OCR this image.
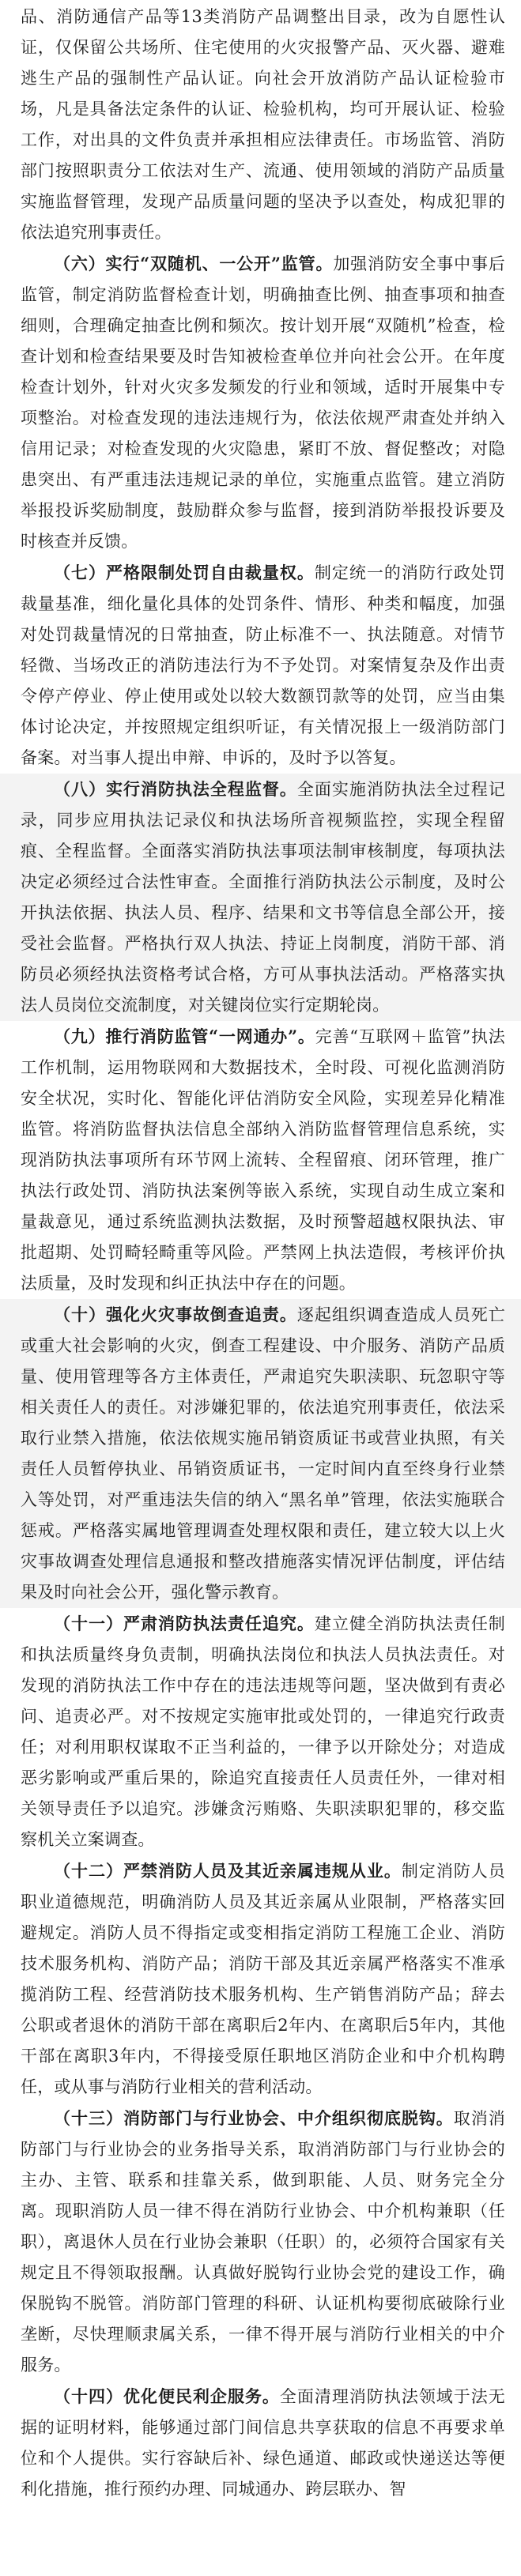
品、消防通信产品等13类消防产品调整出目录，改为自愿性认证，仅保留公共场所、住宅使用的火灾报警产品、灭火器、避难逃生产品的强制性产品认证。向社会开放消防产品认证检验市场，凡是具备法定条件的认证、检验机构，均可开展认证、检验工作，对出具的文件负责并承担相应法律责任。市场监管、消防部门按照职责分工依法对生产、流通、使用领域的消防产品质量实施监督管理，发现产品质量问题的坚决予以查处，构成犯罪的依法追究刑事责任。

（六）实行“双随机、一公开”监管。加强消防安全事中事后监管，制定消防监督检查计划，明确抽查比例、抽查事项和抽查细则，合理确定抽查比例和频次。按计划开展“双随机”检查，检查计划和检查结果要及时告知被检查单位并向社会公开。在年度检查计划外，针对火灾多发频发的行业和领域，适时开展集中专项整治。对检查发现的违法违规行为，依法依规严肃查处并纳入信用记录；对检查发现的火灾隐患，紧盯不放、督促整改；对隐患突出、有严重违法违规记录的单位，实施重点监管。建立消防举报投诉奖励制度，鼓励群众参与监督，接到消防举报投诉要及时核查并反馈。

（七）严格限制处罚自由裁量权。制定统一的消防行政处罚裁量基准，细化量化具体的处罚条件、情形、种类和幅度，加强对处罚裁量情况的日常抽查，防止标准不一、执法随意。对情节轻微、当场改正的消防违法行为不予处罚。对案情复杂及作出责令停产停业、停止使用或处以较大数额罚款等的处罚，应当由集体讨论决定，并按照规定组织听证，有关情况报上一级消防部门备案。对当事人提出申辩、申诉的，及时予以答复。

（八）实行消防执法全程监督。全面实施消防执法全过程记录，同步应用执法记录仪和执法场所音视频监控，实现全程留痕、全程监督。全面落实消防执法事项法制审核制度，每项执法决定必须经过合法性审查。全面推行消防执法公示制度，及时公开执法依据、执法人员、程序、结果和文书等信息全部公开，接受社会监督。严格执行双人执法、持证上岗制度，消防干部、消防员必须经执法资格考试合格，方可从事执法活动。严格落实执法人员岗位交流制度，对关键岗位实行定期轮岗。

（九）推行消防监管“一网通办”。完善“互联网＋监管”执法工作机制，运用物联网和大数据技术，全时段、可视化监测消防安全状况，实时化、智能化评估消防安全风险，实现差异化精准监管。将消防监督执法信息全部纳入消防监督管理信息系统，实现消防执法事项所有环节网上流转、全程留痕、闭环管理，推广执法行政处罚、消防执法案例等嵌入系统，实现自动生成立案和量裁意见，通过系统监测执法数据，及时预警超越权限执法、审批超期、处罚畸轻畸重等风险。严禁网上执法造假，考核评价执法质量，及时发现和纠正执法中存在的问题。

（十）强化火灾事故倒查追责。逐起组织调查造成人员死亡或重大社会影响的火灾，倒查工程建设、中介服务、消防产品质量、使用管理等各方主体责任，严肃追究失职渎职、玩忽职守等相关责任人的责任。对涉嫌犯罪的，依法追究刑事责任，依法采取行业禁入措施，依法依规实施吊销资质证书或营业执照，有关责任人员暂停执业、吊销资质证书，一定时间内直至终身行业禁入等处罚，对严重违法失信的纳入“黑名单”管理，依法实施联合惩戒。严格落实属地管理调查处理权限和责任，建立较大以上火灾事故调查处理信息通报和整改措施落实情况评估制度，评估结果及时向社会公开，强化警示教育。

（十一）严肃消防执法责任追究。建立健全消防执法责任制和执法质量终身负责制，明确执法岗位和执法人员执法责任。对发现的消防执法工作中存在的违法违规等问题，坚决做到有责必问、追责必严。对不按规定实施审批或处罚的，一律追究行政责任；对利用职权谋取不正当利益的，一律予以开除处分；对造成恶劣影响或严重后果的，除追究直接责任人员责任外，一律对相关领导责任予以追究。涉嫌贪污贿赂、失职渎职犯罪的，移交监察机关立案调查。

（十二）严禁消防人员及其近亲属违规从业。制定消防人员职业道德规范，明确消防人员及其近亲属从业限制，严格落实回避规定。消防人员不得指定或变相指定消防工程施工企业、消防技术服务机构、消防产品；消防干部及其近亲属严格落实不准承揽消防工程、经营消防技术服务机构、生产销售消防产品；辞去公职或者退休的消防干部在离职后2年内、在离职后5年内，其他干部在离职3年内，不得接受原任职地区消防企业和中介机构聘任，或从事与消防行业相关的营利活动。

（十三）消防部门与行业协会、中介组织彻底脱钩。取消消防部门与行业协会的业务指导关系，取消消防部门与行业协会的主办、主管、联系和挂靠关系，做到职能、人员、财务完全分离。现职消防人员一律不得在消防行业协会、中介机构兼职（任职），离退休人员在行业协会兼职（任职）的，必须符合国家有关规定且不得领取报酬。认真做好脱钩行业协会党的建设工作，确保脱钩不脱管。消防部门管理的科研、认证机构要彻底破除行业垄断，尽快理顺隶属关系，一律不得开展与消防行业相关的中介服务。

（十四）优化便民利企服务。全面清理消防执法领域于法无据的证明材料，能够通过部门间信息共享获取的信息不再要求单位和个人提供。实行容缺后补、绿色通道、邮政或快递送达等便利化措施，推行预约办理、同城通办、跨层联办、智
